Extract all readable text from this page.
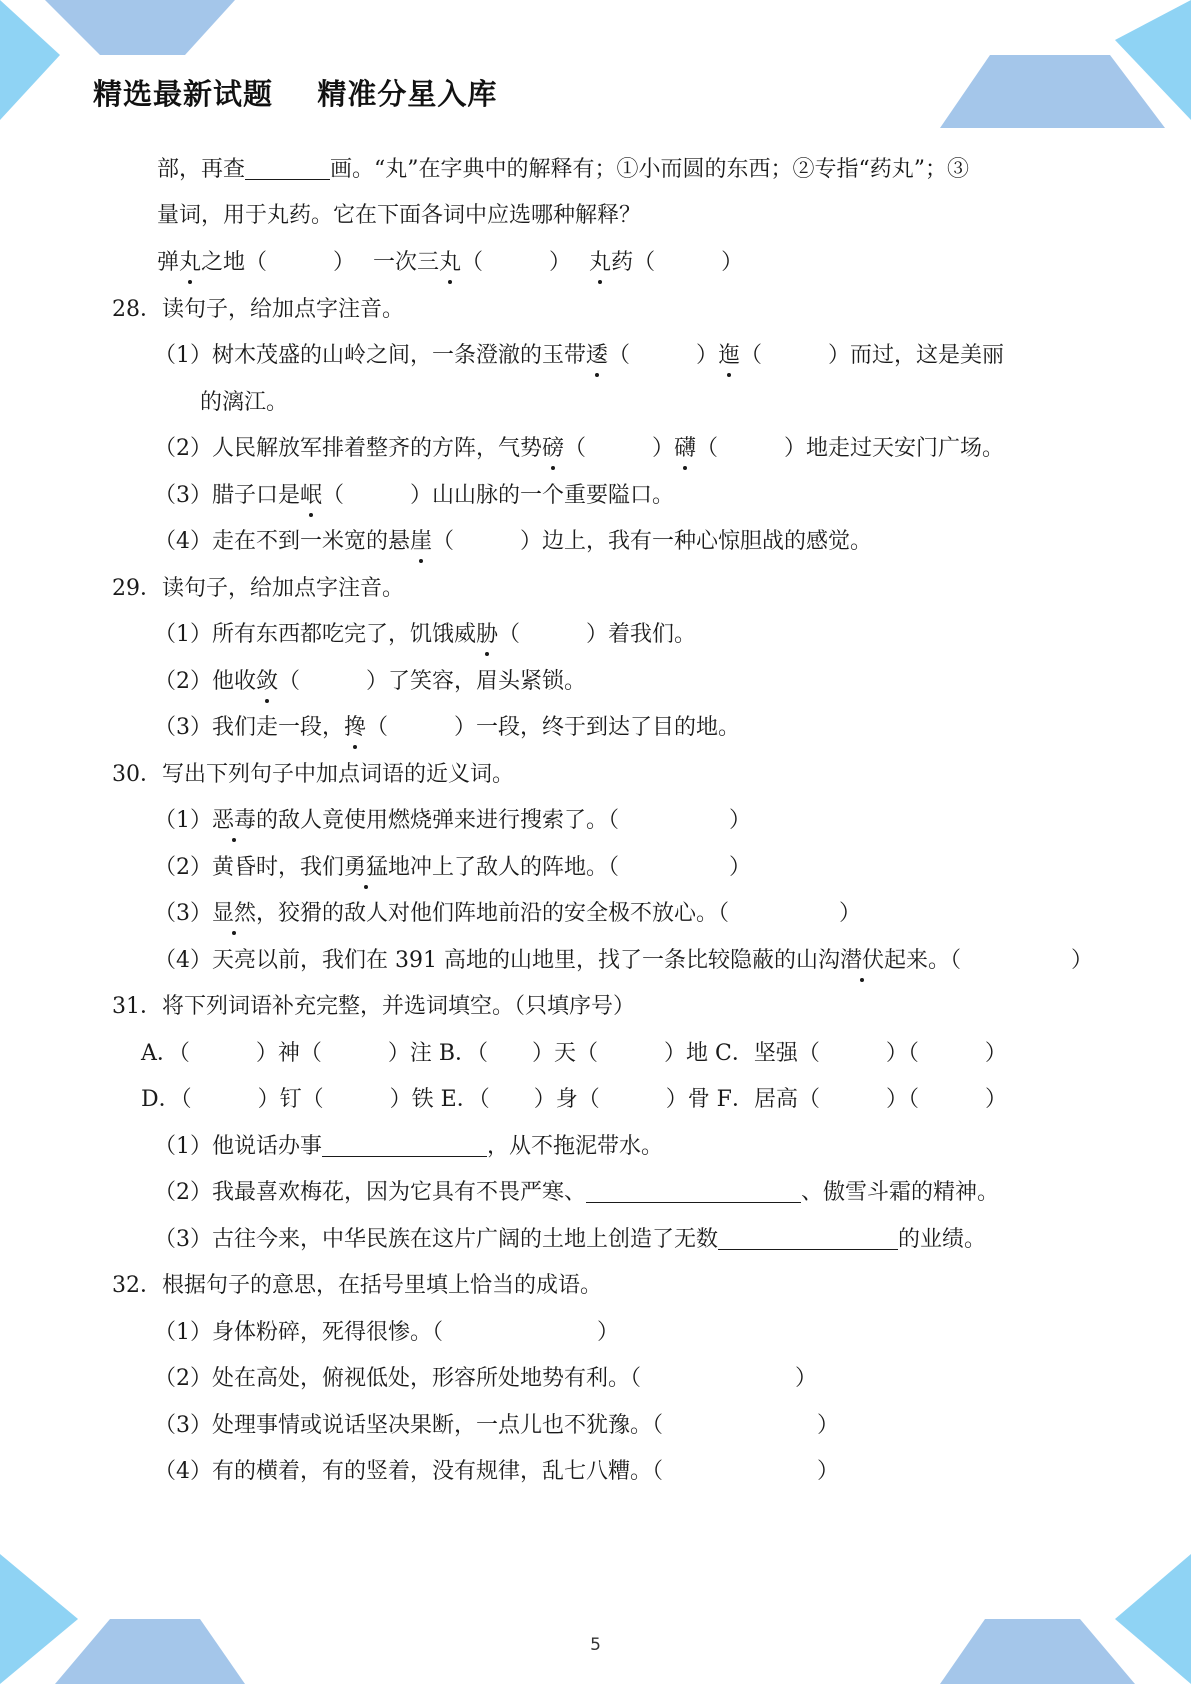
精选最新试题    精准分星入库
部，再查	画。“丸”在字典中的解释有；①小而圆的东西；②专指“药丸”；③
量词，用于丸药。它在下面各词中应选哪种解释？
弹丸之地（　　　）　 一次三丸（　　　）　 丸药（　　　）
28．读句子，给加点字注音。
（1）树木茂盛的山岭之间，一条澄澈的玉带逶（　　　）迤（　　　）而过，这是美丽
的漓江。
（2）人民解放军排着整齐的方阵，气势磅（　　　）礴（　　　）地走过天安门广场。
（3）腊子口是岷（　　　）山山脉的一个重要隘口。
（4）走在不到一米宽的悬崖（　　　）边上，我有一种心惊胆战的感觉。
29．读句子，给加点字注音。
（1）所有东西都吃完了，饥饿威胁（　　　）着我们。
（2）他收敛（　　　）了笑容，眉头紧锁。
（3）我们走一段，搀（　　　）一段，终于到达了目的地。
30．写出下列句子中加点词语的近义词。
（1）恶毒的敌人竟使用燃烧弹来进行搜索了。（　　　　　）
（2）黄昏时，我们勇猛地冲上了敌人的阵地。（　　　　　）
（3）显然，狡猾的敌人对他们阵地前沿的安全极不放心。（　　　　　）
（4）天亮以前，我们在 391 高地的山地里，找了一条比较隐蔽的山沟潜伏起来。（　　　　　）
31．将下列词语补充完整，并选词填空。（只填序号）
A．（　　　）神（　　　）注 B．（　　）天（　　　）地 C．坚强（　　　）（　　　）
D．（　　　）钉（　　　）铁 E．（　　）身（　　　）骨 F．居高（　　　）（　　　）
（1）他说话办事	，从不拖泥带水。
（2）我最喜欢梅花，因为它具有不畏严寒、	、傲雪斗霜的精神。
（3）古往今来，中华民族在这片广阔的土地上创造了无数	的业绩。
32．根据句子的意思，在括号里填上恰当的成语。
（1）身体粉碎，死得很惨。（　　　　　　　）
（2）处在高处，俯视低处，形容所处地势有利。（　　　　　　　）
（3）处理事情或说话坚决果断，一点儿也不犹豫。（　　　　　　　）
（4）有的横着，有的竖着，没有规律，乱七八糟。（　　　　　　　）
5
